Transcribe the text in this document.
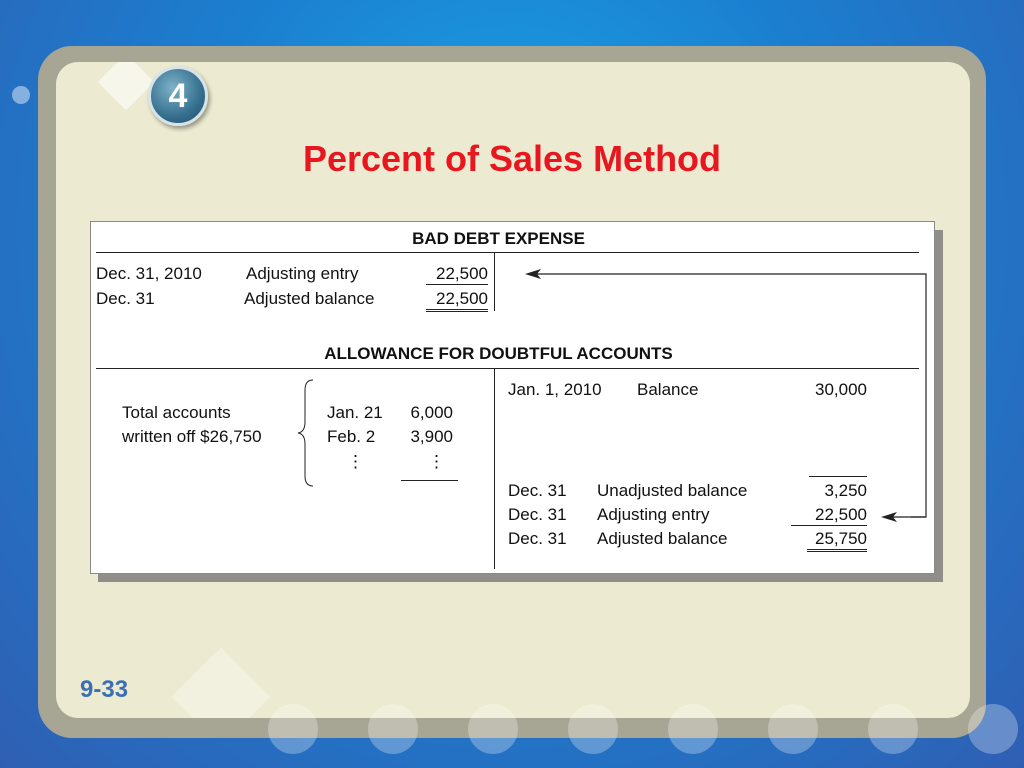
4
Percent of Sales Method
BAD DEBT EXPENSE
Dec. 31, 2010	Adjusting entry	22,500
Dec. 31	Adjusted balance	22,500
ALLOWANCE FOR DOUBTFUL ACCOUNTS
Total accounts
written off $26,750
Jan. 21	6,000
Feb. 2	3,900
⋮	⋮
Jan. 1, 2010 Balance	30,000
Dec. 31 Unadjusted balance	3,250
Dec. 31 Adjusting entry	22,500
Dec. 31 Adjusted balance	25,750
9-33
